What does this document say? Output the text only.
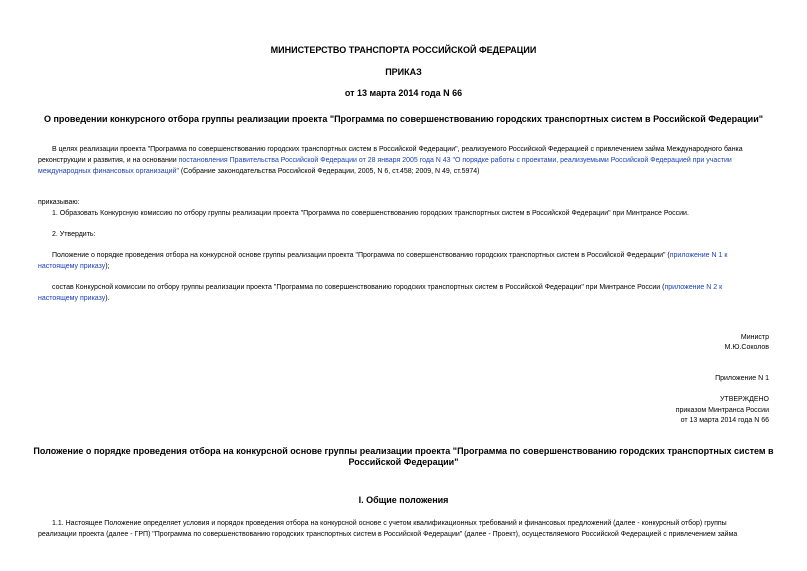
МИНИСТЕРСТВО ТРАНСПОРТА РОССИЙСКОЙ ФЕДЕРАЦИИ
ПРИКАЗ
от 13 марта 2014 года N 66
О проведении конкурсного отбора группы реализации проекта "Программа по совершенствованию городских транспортных систем в Российской Федерации"
В целях реализации проекта "Программа по совершенствованию городских транспортных систем в Российской Федерации", реализуемого Российской Федерацией с привлечением займа Международного банка
реконструкции и развития, и на основании постановления Правительства Российской Федерации от 28 января 2005 года N 43 "О порядке работы с проектами, реализуемыми Российской Федерацией при участии
международных финансовых организаций" (Собрание законодательства Российской Федерации, 2005, N 6, ст.458; 2009, N 49, ст.5974)
приказываю:
1. Образовать Конкурсную комиссию по отбору группы реализации проекта "Программа по совершенствованию городских транспортных систем в Российской Федерации" при Минтрансе России.
2. Утвердить:
Положение о порядке проведения отбора на конкурсной основе группы реализации проекта "Программа по совершенствованию городских транспортных систем в Российской Федерации" (приложение N 1 к
настоящему приказу);
состав Конкурсной комиссии по отбору группы реализации проекта "Программа по совершенствованию городских транспортных систем в Российской Федерации" при Минтрансе России (приложение N 2 к
настоящему приказу).
Министр
М.Ю.Соколов
Приложение N 1
УТВЕРЖДЕНО
приказом Минтранса России
от 13 марта 2014 года N 66
Положение о порядке проведения отбора на конкурсной основе группы реализации проекта "Программа по совершенствованию городских транспортных систем в
Российской Федерации"
I. Общие положения
1.1. Настоящее Положение определяет условия и порядок проведения отбора на конкурсной основе с учетом квалификационных требований и финансовых предложений (далее - конкурсный отбор) группы
реализации проекта (далее - ГРП) "Программа по совершенствованию городских транспортных систем в Российской Федерации" (далее - Проект), осуществляемого Российской Федерацией с привлечением займа
